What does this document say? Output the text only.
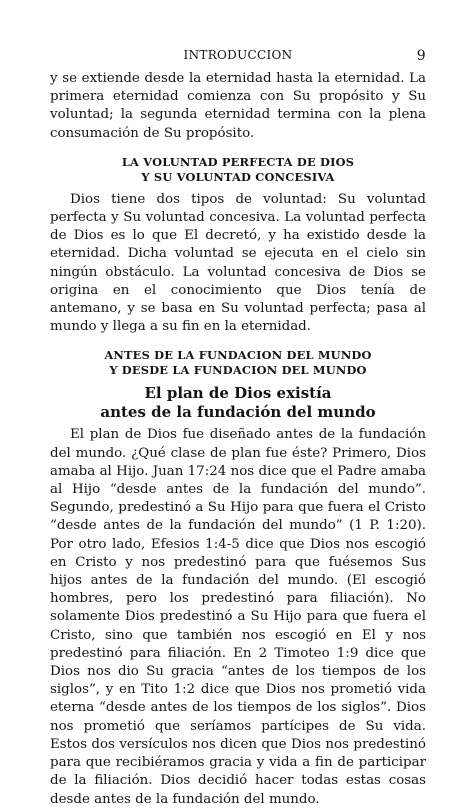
INTRODUCCION	9

y se extiende desde la eternidad hasta la eternidad. La primera eternidad comienza con Su propósito y Su voluntad; la segunda eternidad termina con la plena consumación de Su propósito.

LA VOLUNTAD PERFECTA DE DIOS
Y SU VOLUNTAD CONCESIVA

Dios tiene dos tipos de voluntad: Su voluntad perfecta y Su voluntad concesiva. La voluntad perfecta de Dios es lo que El decretó, y ha existido desde la eternidad. Dicha voluntad se ejecuta en el cielo sin ningún obstáculo. La voluntad concesiva de Dios se origina en el conocimiento que Dios tenía de antemano, y se basa en Su voluntad perfecta; pasa al mundo y llega a su fin en la eternidad.

ANTES DE LA FUNDACION DEL MUNDO
Y DESDE LA FUNDACION DEL MUNDO
El plan de Dios existía
antes de la fundación del mundo

El plan de Dios fue diseñado antes de la fundación del mundo. ¿Qué clase de plan fue éste? Primero, Dios amaba al Hijo. Juan 17:24 nos dice que el Padre amaba al Hijo “desde antes de la fundación del mundo”. Segundo, predestinó a Su Hijo para que fuera el Cristo “desde antes de la fundación del mundo” (1 P. 1:20). Por otro lado, Efesios 1:4-5 dice que Dios nos escogió en Cristo y nos predestinó para que fuésemos Sus hijos antes de la fundación del mundo. (El escogió hombres, pero los predestinó para filiación). No solamente Dios predestinó a Su Hijo para que fuera el Cristo, sino que también nos escogió en El y nos predestinó para filiación. En 2 Timoteo 1:9 dice que Dios nos dio Su gracia “antes de los tiempos de los siglos”, y en Tito 1:2 dice que Dios nos prometió vida eterna “desde antes de los tiempos de los siglos”. Dios nos prometió que seríamos partícipes de Su vida. Estos dos versículos nos dicen que Dios nos predestinó para que recibiéramos gracia y vida a fin de participar de la filiación. Dios decidió hacer todas estas cosas desde antes de la fundación del mundo.
